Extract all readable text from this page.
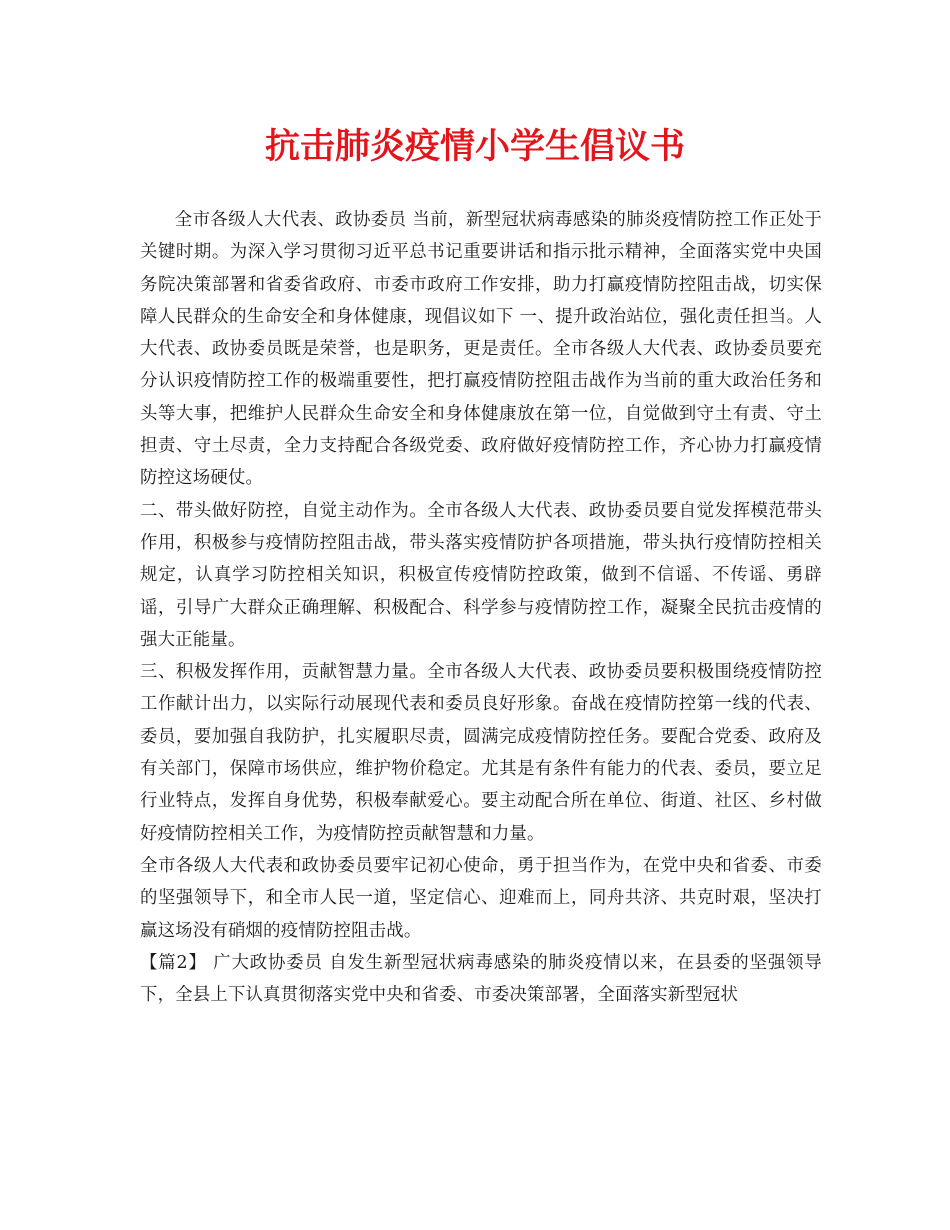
抗击肺炎疫情小学生倡议书

全市各级人大代表、政协委员 当前，新型冠状病毒感染的肺炎疫情防控工作正处于关键时期。为深入学习贯彻习近平总书记重要讲话和指示批示精神，全面落实党中央国务院决策部署和省委省政府、市委市政府工作安排，助力打赢疫情防控阻击战，切实保障人民群众的生命安全和身体健康，现倡议如下 一、提升政治站位，强化责任担当。人大代表、政协委员既是荣誉，也是职务，更是责任。全市各级人大代表、政协委员要充分认识疫情防控工作的极端重要性，把打赢疫情防控阻击战作为当前的重大政治任务和头等大事，把维护人民群众生命安全和身体健康放在第一位，自觉做到守土有责、守土担责、守土尽责，全力支持配合各级党委、政府做好疫情防控工作，齐心协力打赢疫情防控这场硬仗。

二、带头做好防控，自觉主动作为。全市各级人大代表、政协委员要自觉发挥模范带头作用，积极参与疫情防控阻击战，带头落实疫情防护各项措施，带头执行疫情防控相关规定，认真学习防控相关知识，积极宣传疫情防控政策，做到不信谣、不传谣、勇辟谣，引导广大群众正确理解、积极配合、科学参与疫情防控工作，凝聚全民抗击疫情的强大正能量。

三、积极发挥作用，贡献智慧力量。全市各级人大代表、政协委员要积极围绕疫情防控工作献计出力，以实际行动展现代表和委员良好形象。奋战在疫情防控第一线的代表、委员，要加强自我防护，扎实履职尽责，圆满完成疫情防控任务。要配合党委、政府及有关部门，保障市场供应，维护物价稳定。尤其是有条件有能力的代表、委员，要立足行业特点，发挥自身优势，积极奉献爱心。要主动配合所在单位、街道、社区、乡村做好疫情防控相关工作，为疫情防控贡献智慧和力量。

全市各级人大代表和政协委员要牢记初心使命，勇于担当作为，在党中央和省委、市委的坚强领导下，和全市人民一道，坚定信心、迎难而上，同舟共济、共克时艰，坚决打赢这场没有硝烟的疫情防控阻击战。

【篇2】 广大政协委员 自发生新型冠状病毒感染的肺炎疫情以来，在县委的坚强领导下，全县上下认真贯彻落实党中央和省委、市委决策部署，全面落实新型冠状
